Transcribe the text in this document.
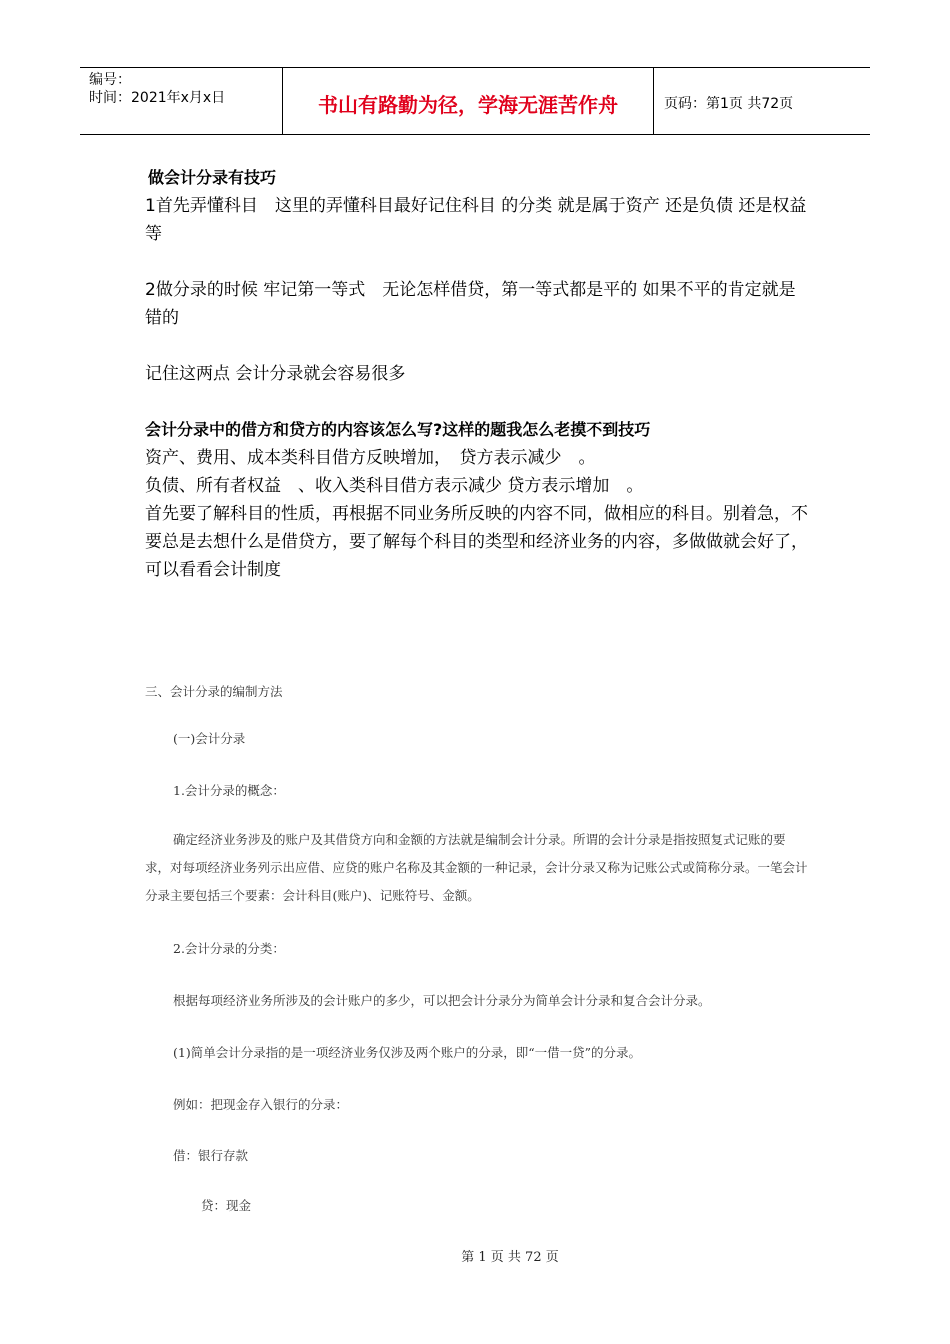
编号：
时间：2021年x月x日	书山有路勤为径，学海无涯苦作舟	页码：第1页 共72页

做会计分录有技巧

1首先弄懂科目　这里的弄懂科目最好记住科目 的分类 就是属于资产 还是负债 还是权益等

2做分录的时候 牢记第一等式　无论怎样借贷，第一等式都是平的 如果不平的肯定就是错的

记住这两点 会计分录就会容易很多

会计分录中的借方和贷方的内容该怎么写?这样的题我怎么老摸不到技巧

资产、费用、成本类科目借方反映增加，　贷方表示减少　。

负债、所有者权益　、收入类科目借方表示减少 贷方表示增加　。

首先要了解科目的性质，再根据不同业务所反映的内容不同，做相应的科目。别着急，不要总是去想什么是借贷方，要了解每个科目的类型和经济业务的内容，多做做就会好了，可以看看会计制度

三、会计分录的编制方法

(一)会计分录

1.会计分录的概念：

确定经济业务涉及的账户及其借贷方向和金额的方法就是编制会计分录。所谓的会计分录是指按照复式记账的要求，对每项经济业务列示出应借、应贷的账户名称及其金额的一种记录，会计分录又称为记账公式或简称分录。一笔会计分录主要包括三个要素：会计科目(账户)、记账符号、金额。

2.会计分录的分类：

根据每项经济业务所涉及的会计账户的多少，可以把会计分录分为简单会计分录和复合会计分录。

(1)简单会计分录指的是一项经济业务仅涉及两个账户的分录，即“一借一贷”的分录。

例如：把现金存入银行的分录：

借：银行存款

贷：现金

第 1 页 共 72 页
